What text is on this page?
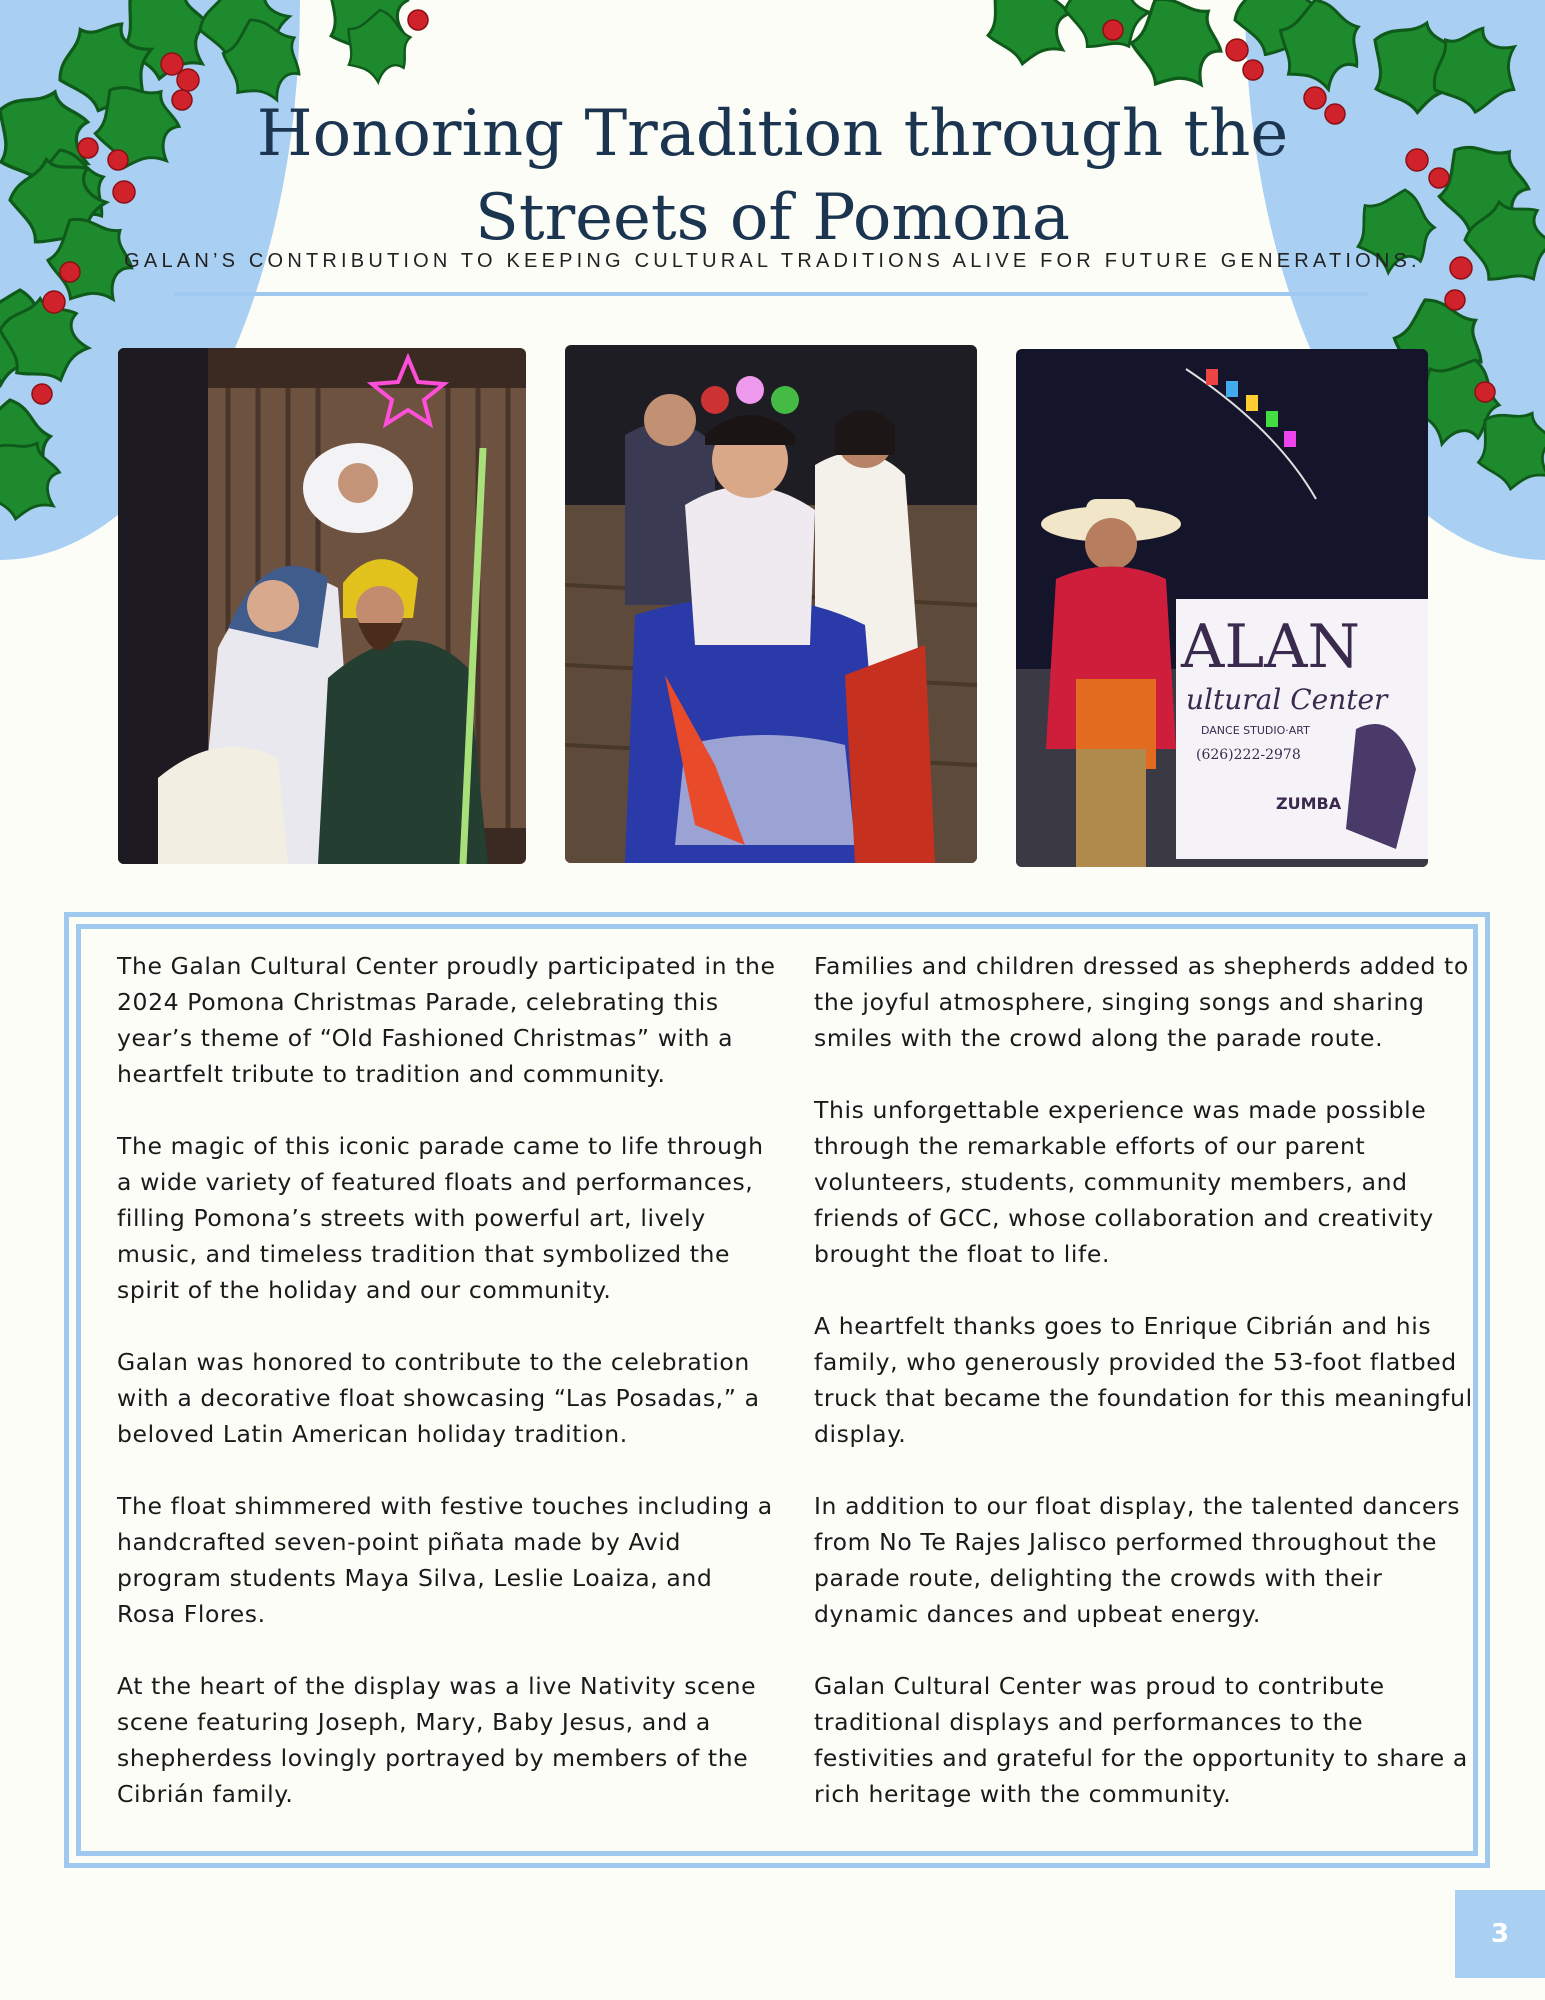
Honoring Tradition through the
Streets of Pomona

GALAN’S CONTRIBUTION TO KEEPING CULTURAL TRADITIONS ALIVE FOR FUTURE GENERATIONS.

ALAN
ultural Center
DANCE STUDIO·ART
(626)222-2978
ZUMBA

The Galan Cultural Center proudly participated in the 2024 Pomona Christmas Parade, celebrating this year’s theme of “Old Fashioned Christmas” with a heartfelt tribute to tradition and community.

The magic of this iconic parade came to life through a wide variety of featured floats and performances, filling Pomona’s streets with powerful art, lively music, and timeless tradition that symbolized the spirit of the holiday and our community.

Galan was honored to contribute to the celebration with a decorative float showcasing “Las Posadas,” a beloved Latin American holiday tradition.

The float shimmered with festive touches including a handcrafted seven-point piñata made by Avid program students Maya Silva, Leslie Loaiza, and Rosa Flores.

At the heart of the display was a live Nativity scene scene featuring Joseph, Mary, Baby Jesus, and a shepherdess lovingly portrayed by members of the Cibrián family.

Families and children dressed as shepherds added to the joyful atmosphere, singing songs and sharing smiles with the crowd along the parade route.

This unforgettable experience was made possible through the remarkable efforts of our parent volunteers, students, community members, and friends of GCC, whose collaboration and creativity brought the float to life.

A heartfelt thanks goes to Enrique Cibrián and his family, who generously provided the 53-foot flatbed truck that became the foundation for this meaningful display.

In addition to our float display, the talented dancers from No Te Rajes Jalisco performed throughout the parade route, delighting the crowds with their dynamic dances and upbeat energy.

Galan Cultural Center was proud to contribute traditional displays and performances to the festivities and grateful for the opportunity to share a rich heritage with the community.

3
